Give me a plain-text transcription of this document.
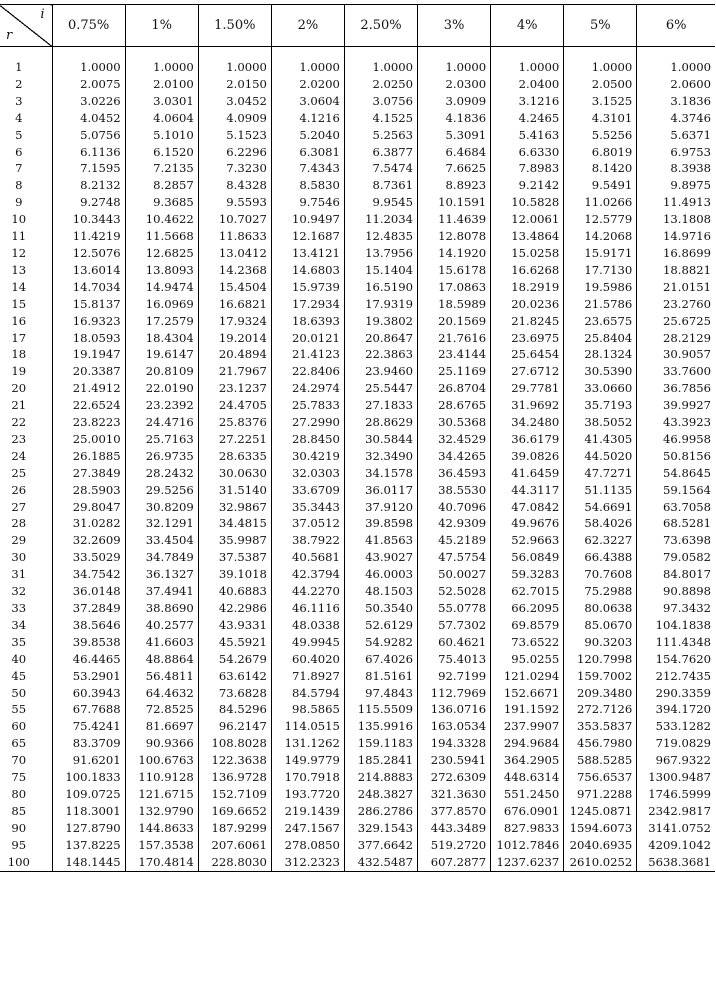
i
r	0.75%	1%	1.50%	2%	2.50%	3%	4%	5%	6%
1	1.0000	1.0000	1.0000	1.0000	1.0000	1.0000	1.0000	1.0000	1.0000
2	2.0075	2.0100	2.0150	2.0200	2.0250	2.0300	2.0400	2.0500	2.0600
3	3.0226	3.0301	3.0452	3.0604	3.0756	3.0909	3.1216	3.1525	3.1836
4	4.0452	4.0604	4.0909	4.1216	4.1525	4.1836	4.2465	4.3101	4.3746
5	5.0756	5.1010	5.1523	5.2040	5.2563	5.3091	5.4163	5.5256	5.6371
6	6.1136	6.1520	6.2296	6.3081	6.3877	6.4684	6.6330	6.8019	6.9753
7	7.1595	7.2135	7.3230	7.4343	7.5474	7.6625	7.8983	8.1420	8.3938
8	8.2132	8.2857	8.4328	8.5830	8.7361	8.8923	9.2142	9.5491	9.8975
9	9.2748	9.3685	9.5593	9.7546	9.9545	10.1591	10.5828	11.0266	11.4913
10	10.3443	10.4622	10.7027	10.9497	11.2034	11.4639	12.0061	12.5779	13.1808
11	11.4219	11.5668	11.8633	12.1687	12.4835	12.8078	13.4864	14.2068	14.9716
12	12.5076	12.6825	13.0412	13.4121	13.7956	14.1920	15.0258	15.9171	16.8699
13	13.6014	13.8093	14.2368	14.6803	15.1404	15.6178	16.6268	17.7130	18.8821
14	14.7034	14.9474	15.4504	15.9739	16.5190	17.0863	18.2919	19.5986	21.0151
15	15.8137	16.0969	16.6821	17.2934	17.9319	18.5989	20.0236	21.5786	23.2760
16	16.9323	17.2579	17.9324	18.6393	19.3802	20.1569	21.8245	23.6575	25.6725
17	18.0593	18.4304	19.2014	20.0121	20.8647	21.7616	23.6975	25.8404	28.2129
18	19.1947	19.6147	20.4894	21.4123	22.3863	23.4144	25.6454	28.1324	30.9057
19	20.3387	20.8109	21.7967	22.8406	23.9460	25.1169	27.6712	30.5390	33.7600
20	21.4912	22.0190	23.1237	24.2974	25.5447	26.8704	29.7781	33.0660	36.7856
21	22.6524	23.2392	24.4705	25.7833	27.1833	28.6765	31.9692	35.7193	39.9927
22	23.8223	24.4716	25.8376	27.2990	28.8629	30.5368	34.2480	38.5052	43.3923
23	25.0010	25.7163	27.2251	28.8450	30.5844	32.4529	36.6179	41.4305	46.9958
24	26.1885	26.9735	28.6335	30.4219	32.3490	34.4265	39.0826	44.5020	50.8156
25	27.3849	28.2432	30.0630	32.0303	34.1578	36.4593	41.6459	47.7271	54.8645
26	28.5903	29.5256	31.5140	33.6709	36.0117	38.5530	44.3117	51.1135	59.1564
27	29.8047	30.8209	32.9867	35.3443	37.9120	40.7096	47.0842	54.6691	63.7058
28	31.0282	32.1291	34.4815	37.0512	39.8598	42.9309	49.9676	58.4026	68.5281
29	32.2609	33.4504	35.9987	38.7922	41.8563	45.2189	52.9663	62.3227	73.6398
30	33.5029	34.7849	37.5387	40.5681	43.9027	47.5754	56.0849	66.4388	79.0582
31	34.7542	36.1327	39.1018	42.3794	46.0003	50.0027	59.3283	70.7608	84.8017
32	36.0148	37.4941	40.6883	44.2270	48.1503	52.5028	62.7015	75.2988	90.8898
33	37.2849	38.8690	42.2986	46.1116	50.3540	55.0778	66.2095	80.0638	97.3432
34	38.5646	40.2577	43.9331	48.0338	52.6129	57.7302	69.8579	85.0670	104.1838
35	39.8538	41.6603	45.5921	49.9945	54.9282	60.4621	73.6522	90.3203	111.4348
40	46.4465	48.8864	54.2679	60.4020	67.4026	75.4013	95.0255	120.7998	154.7620
45	53.2901	56.4811	63.6142	71.8927	81.5161	92.7199	121.0294	159.7002	212.7435
50	60.3943	64.4632	73.6828	84.5794	97.4843	112.7969	152.6671	209.3480	290.3359
55	67.7688	72.8525	84.5296	98.5865	115.5509	136.0716	191.1592	272.7126	394.1720
60	75.4241	81.6697	96.2147	114.0515	135.9916	163.0534	237.9907	353.5837	533.1282
65	83.3709	90.9366	108.8028	131.1262	159.1183	194.3328	294.9684	456.7980	719.0829
70	91.6201	100.6763	122.3638	149.9779	185.2841	230.5941	364.2905	588.5285	967.9322
75	100.1833	110.9128	136.9728	170.7918	214.8883	272.6309	448.6314	756.6537	1300.9487
80	109.0725	121.6715	152.7109	193.7720	248.3827	321.3630	551.2450	971.2288	1746.5999
85	118.3001	132.9790	169.6652	219.1439	286.2786	377.8570	676.0901	1245.0871	2342.9817
90	127.8790	144.8633	187.9299	247.1567	329.1543	443.3489	827.9833	1594.6073	3141.0752
95	137.8225	157.3538	207.6061	278.0850	377.6642	519.2720	1012.7846	2040.6935	4209.1042
100	148.1445	170.4814	228.8030	312.2323	432.5487	607.2877	1237.6237	2610.0252	5638.3681
